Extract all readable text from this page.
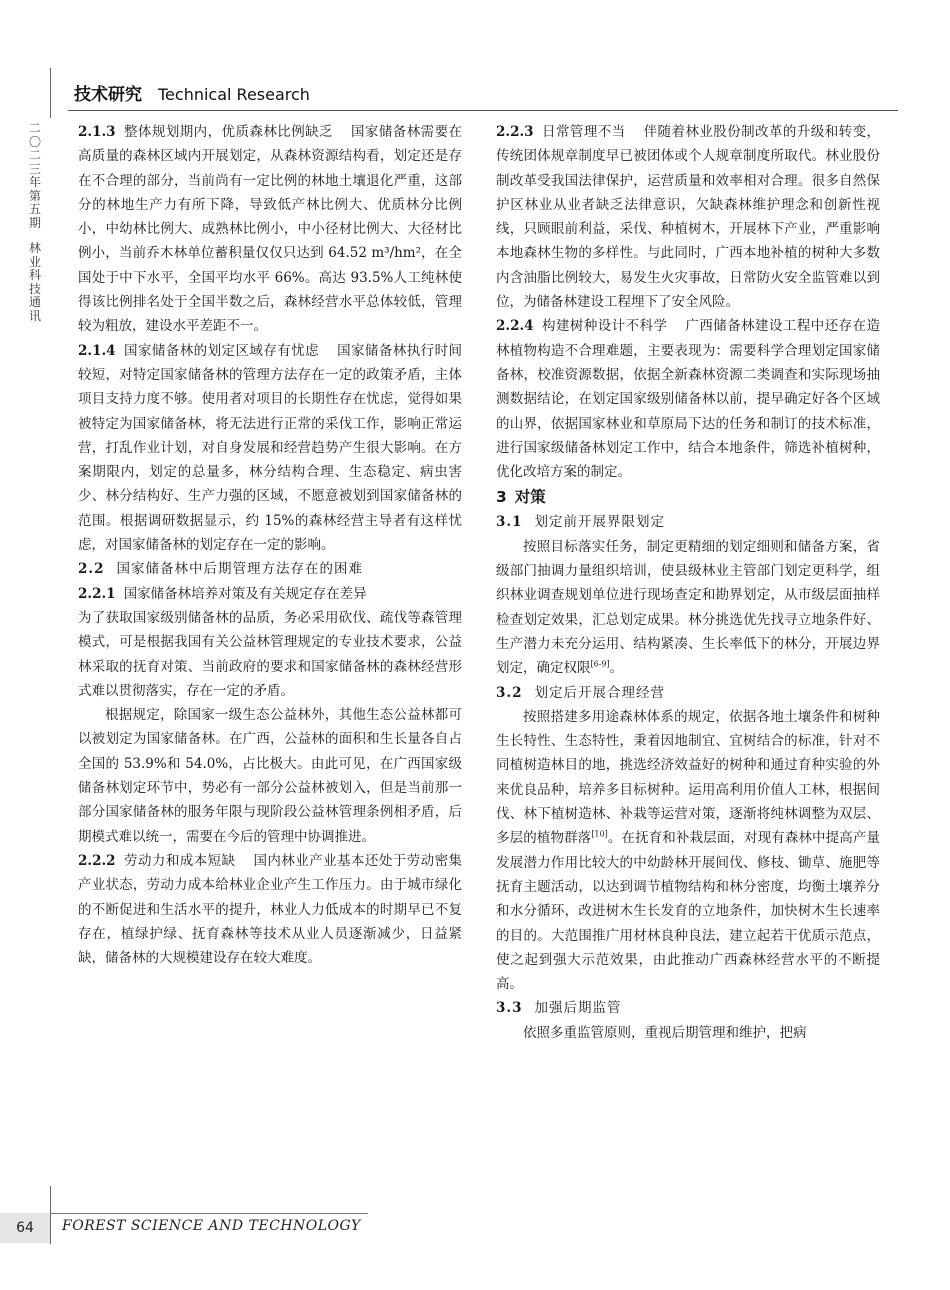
技术研究 Technical Research
二〇二三年第五期
林业科技通讯

2.1.3 整体规划期内，优质森林比例缺乏 国家储备林需要在高质量的森林区域内开展划定，从森林资源结构看，划定还是存在不合理的部分，当前尚有一定比例的林地土壤退化严重，这部分的林地生产力有所下降，导致低产林比例大、优质林分比例小，中幼林比例大、成熟林比例小，中小径材比例大、大径材比例小，当前乔木林单位蓄积量仅仅只达到 64.52 m³/hm²，在全国处于中下水平，全国平均水平 66%。高达 93.5%人工纯林使得该比例排名处于全国半数之后，森林经营水平总体较低，管理较为粗放，建设水平差距不一。

2.1.4 国家储备林的划定区域存有忧虑 国家储备林执行时间较短，对特定国家储备林的管理方法存在一定的政策矛盾，主体项目支持力度不够。使用者对项目的长期性存在忧虑，觉得如果被特定为国家储备林，将无法进行正常的采伐工作，影响正常运营，打乱作业计划，对自身发展和经营趋势产生很大影响。在方案期限内，划定的总量多，林分结构合理、生态稳定、病虫害少、林分结构好、生产力强的区域，不愿意被划到国家储备林的范围。根据调研数据显示，约 15%的森林经营主导者有这样忧虑，对国家储备林的划定存在一定的影响。

2.2 国家储备林中后期管理方法存在的困难

2.2.1 国家储备林培养对策及有关规定存在差异
为了获取国家级别储备林的品质，务必采用砍伐、疏伐等森管理模式，可是根据我国有关公益林管理规定的专业技术要求，公益林采取的抚育对策、当前政府的要求和国家储备林的森林经营形式难以贯彻落实，存在一定的矛盾。

根据规定，除国家一级生态公益林外，其他生态公益林都可以被划定为国家储备林。在广西，公益林的面积和生长量各自占全国的 53.9%和 54.0%，占比极大。由此可见，在广西国家级储备林划定环节中，势必有一部分公益林被划入，但是当前那一部分国家储备林的服务年限与现阶段公益林管理条例相矛盾，后期模式难以统一，需要在今后的管理中协调推进。

2.2.2 劳动力和成本短缺 国内林业产业基本还处于劳动密集产业状态，劳动力成本给林业企业产生工作压力。由于城市绿化的不断促进和生活水平的提升，林业人力低成本的时期早已不复存在，植绿护绿、抚育森林等技术从业人员逐渐减少，日益紧缺，储备林的大规模建设存在较大难度。

2.2.3 日常管理不当 伴随着林业股份制改革的升级和转变，传统团体规章制度早已被团体或个人规章制度所取代。林业股份制改革受我国法律保护，运营质量和效率相对合理。很多自然保护区林业从业者缺乏法律意识，欠缺森林维护理念和创新性视线，只顾眼前利益，采伐、种植树木，开展林下产业，严重影响本地森林生物的多样性。与此同时，广西本地补植的树种大多数内含油脂比例较大，易发生火灾事故，日常防火安全监管难以到位，为储备林建设工程埋下了安全风险。

2.2.4 构建树种设计不科学 广西储备林建设工程中还存在造林植物构造不合理难题，主要表现为：需要科学合理划定国家储备林，校准资源数据，依据全新森林资源二类调查和实际现场抽测数据结论，在划定国家级别储备林以前，提早确定好各个区域的山界，依据国家林业和草原局下达的任务和制订的技术标准，进行国家级储备林划定工作中，结合本地条件，筛选补植树种，优化改培方案的制定。

3 对策

3.1 划定前开展界限划定

按照目标落实任务，制定更精细的划定细则和储备方案，省级部门抽调力量组织培训，使县级林业主管部门划定更科学，组织林业调查规划单位进行现场查定和勘界划定，从市级层面抽样检查划定效果，汇总划定成果。林分挑选优先找寻立地条件好、生产潜力未充分运用、结构紧凑、生长率低下的林分，开展边界划定，确定权限[6-9]。

3.2 划定后开展合理经营

按照搭建多用途森林体系的规定，依据各地土壤条件和树种生长特性、生态特性，秉着因地制宜、宜树结合的标准，针对不同植树造林目的地，挑选经济效益好的树种和通过育种实验的外来优良品种，培养多目标树种。运用高利用价值人工林，根据间伐、林下植树造林、补栽等运营对策，逐渐将纯林调整为双层、多层的植物群落[10]。在抚育和补栽层面，对现有森林中提高产量发展潜力作用比较大的中幼龄林开展间伐、修枝、锄草、施肥等抚育主题活动，以达到调节植物结构和林分密度，均衡土壤养分和水分循环，改进树木生长发育的立地条件，加快树木生长速率的目的。大范围推广用材林良种良法，建立起若干优质示范点，使之起到强大示范效果，由此推动广西森林经营水平的不断提高。

3.3 加强后期监管

依照多重监管原则，重视后期管理和维护，把病

64	FOREST SCIENCE AND TECHNOLOGY
